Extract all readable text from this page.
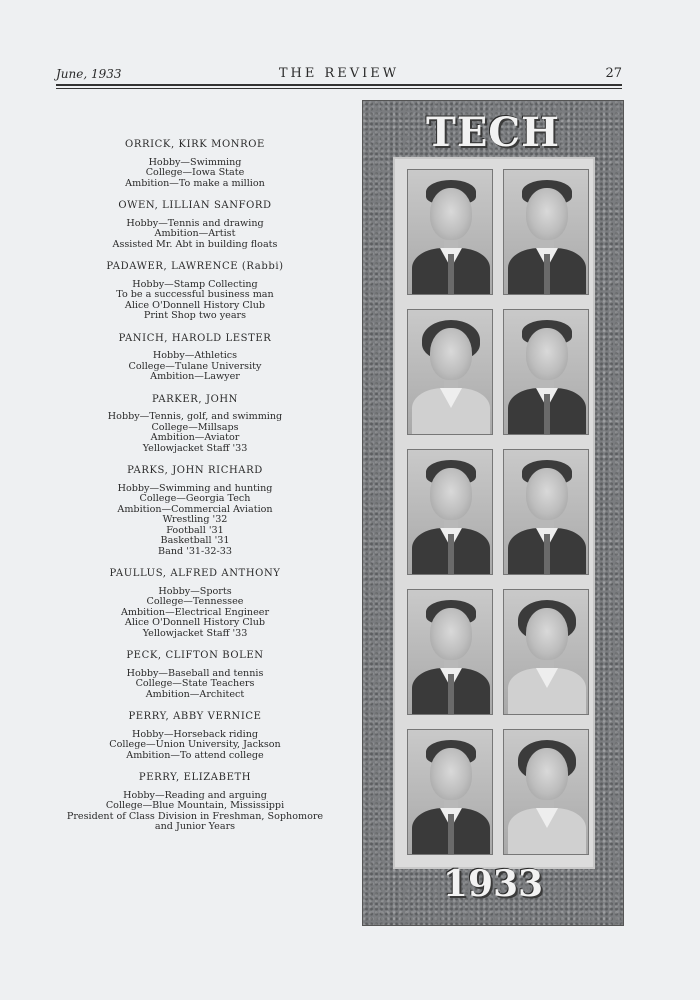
June, 1933	THE REVIEW	27
ORRICK, KIRK MONROE
Hobby—Swimming
College—Iowa State
Ambition—To make a million
OWEN, LILLIAN SANFORD
Hobby—Tennis and drawing
Ambition—Artist
Assisted Mr. Abt in building floats
PADAWER, LAWRENCE (Rabbi)
Hobby—Stamp Collecting
To be a successful business man
Alice O'Donnell History Club
Print Shop two years
PANICH, HAROLD LESTER
Hobby—Athletics
College—Tulane University
Ambition—Lawyer
PARKER, JOHN
Hobby—Tennis, golf, and swimming
College—Millsaps
Ambition—Aviator
Yellowjacket Staff '33
PARKS, JOHN RICHARD
Hobby—Swimming and hunting
College—Georgia Tech
Ambition—Commercial Aviation
Wrestling '32
Football '31
Basketball '31
Band '31-32-33
PAULLUS, ALFRED ANTHONY
Hobby—Sports
College—Tennessee
Ambition—Electrical Engineer
Alice O'Donnell History Club
Yellowjacket Staff '33
PECK, CLIFTON BOLEN
Hobby—Baseball and tennis
College—State Teachers
Ambition—Architect
PERRY, ABBY VERNICE
Hobby—Horseback riding
College—Union University, Jackson
Ambition—To attend college
PERRY, ELIZABETH
Hobby—Reading and arguing
College—Blue Mountain, Mississippi
President of Class Division in Freshman, Sophomore
and Junior Years
TECH
1933
